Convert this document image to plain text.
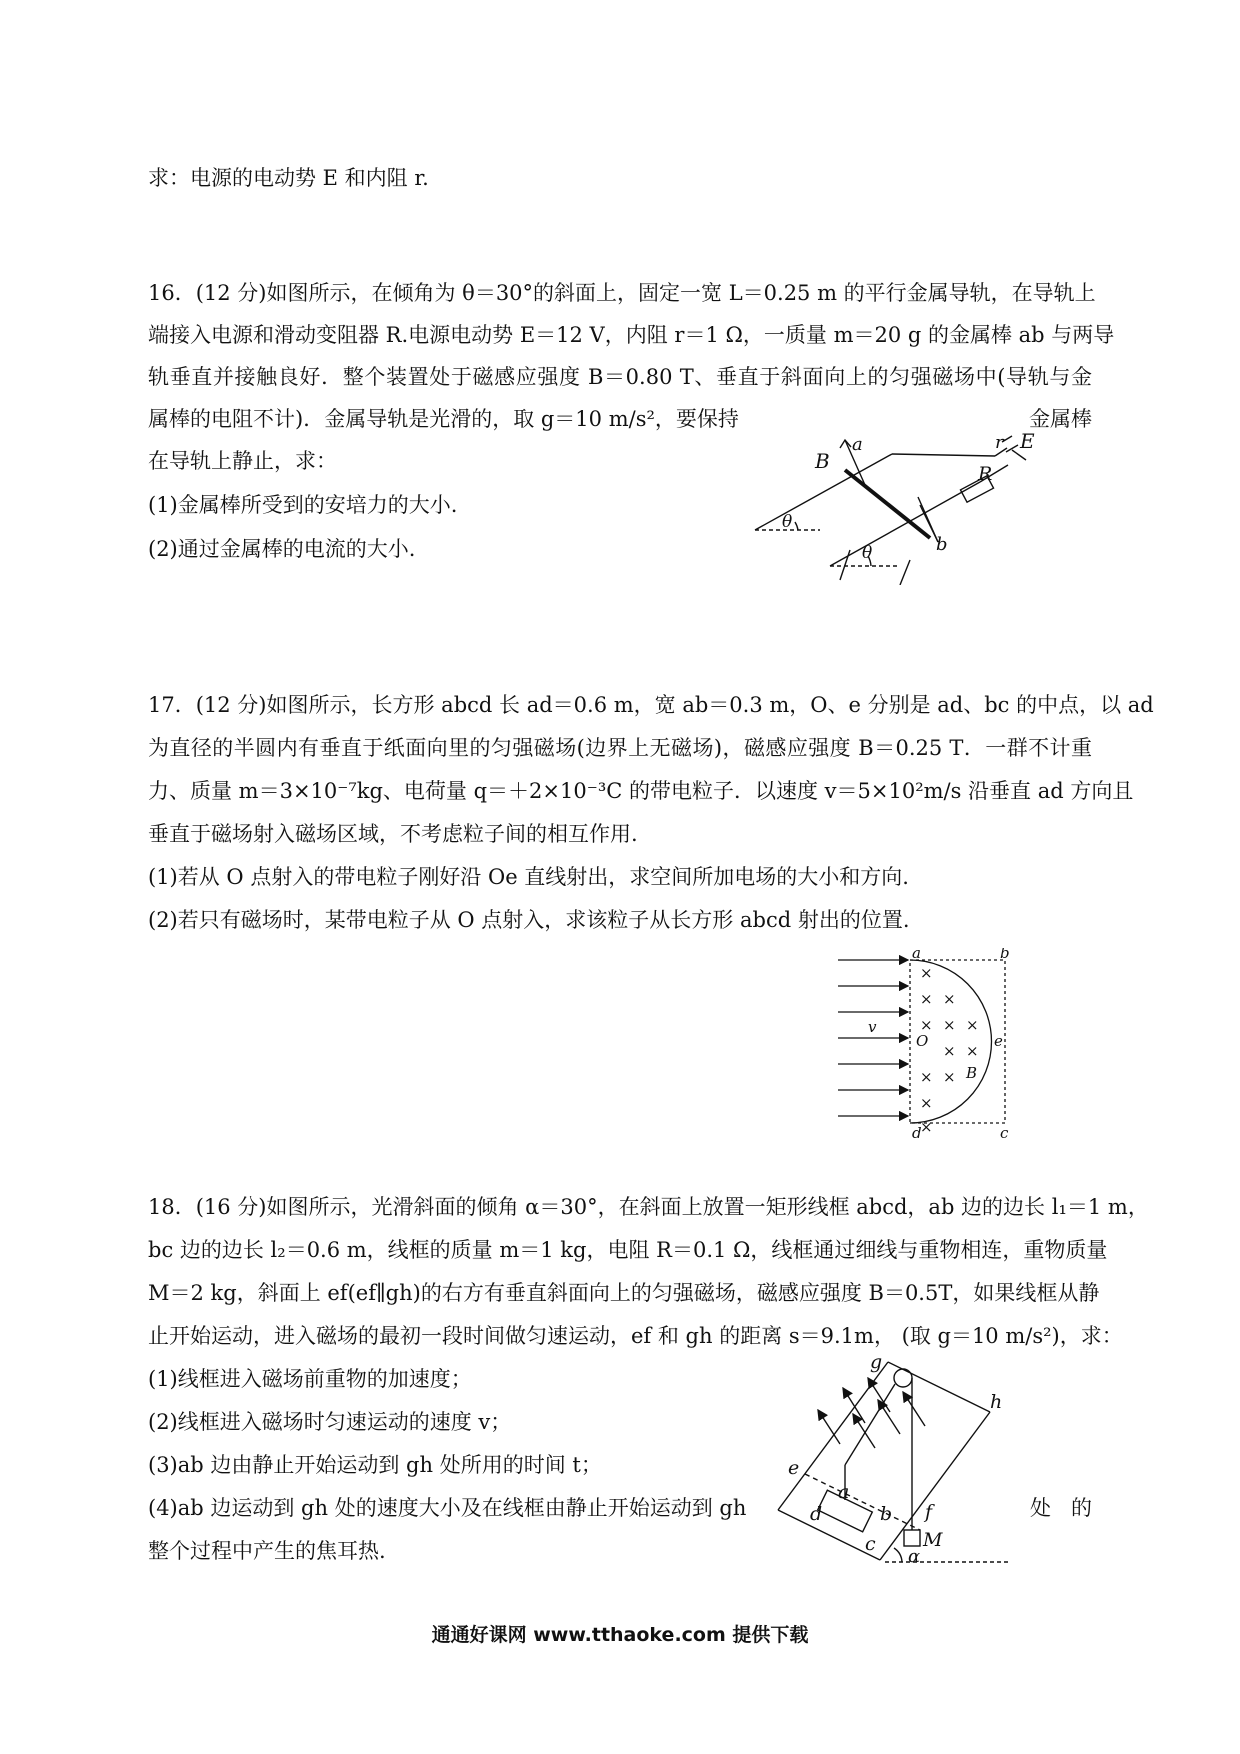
求：电源的电动势 E 和内阻 r.
16．(12 分)如图所示，在倾角为 θ＝30°的斜面上，固定一宽 L＝0.25 m 的平行金属导轨，在导轨上
端接入电源和滑动变阻器 R.电源电动势 E＝12 V，内阻 r＝1 Ω，一质量 m＝20 g 的金属棒 ab 与两导
轨垂直并接触良好．整个装置处于磁感应强度 B＝0.80 T、垂直于斜面向上的匀强磁场中(导轨与金
属棒的电阻不计)．金属导轨是光滑的，取 g＝10 m/s²，要保持	金属棒
在导轨上静止，求：
(1)金属棒所受到的安培力的大小.
(2)通过金属棒的电流的大小.
B
a
b
r E
R
θ
θ
17．(12 分)如图所示，长方形 abcd 长 ad＝0.6 m，宽 ab＝0.3 m，O、e 分别是 ad、bc 的中点，以 ad
为直径的半圆内有垂直于纸面向里的匀强磁场(边界上无磁场)，磁感应强度 B＝0.25 T．一群不计重
力、质量 m＝3×10⁻⁷kg、电荷量 q＝＋2×10⁻³C 的带电粒子．以速度 v＝5×10²m/s 沿垂直 ad 方向且
垂直于磁场射入磁场区域，不考虑粒子间的相互作用.
(1)若从 O 点射入的带电粒子刚好沿 Oe 直线射出，求空间所加电场的大小和方向.
(2)若只有磁场时，某带电粒子从 O 点射入，求该粒子从长方形 abcd 射出的位置.
×
× ×
× × ×
× ×
× ×
×
×
a	b
c
d
e
O
B
v
18．(16 分)如图所示，光滑斜面的倾角 α＝30°，在斜面上放置一矩形线框 abcd，ab 边的边长 l₁＝1 m，
bc 边的边长 l₂＝0.6 m，线框的质量 m＝1 kg，电阻 R＝0.1 Ω，线框通过细线与重物相连，重物质量
M＝2 kg，斜面上 ef(ef∥gh)的右方有垂直斜面向上的匀强磁场，磁感应强度 B＝0.5T，如果线框从静
止开始运动，进入磁场的最初一段时间做匀速运动，ef 和 gh 的距离 s＝9.1m， (取 g＝10 m/s²)，求：
(1)线框进入磁场前重物的加速度；
(2)线框进入磁场时匀速运动的速度 v；
(3)ab 边由静止开始运动到 gh 处所用的时间 t；
(4)ab 边运动到 gh 处的速度大小及在线框由静止开始运动到 gh	处 的
整个过程中产生的焦耳热.
g
h
e
f
a
b
c
d
M
α
通通好课网 www.tthaoke.com 提供下载
